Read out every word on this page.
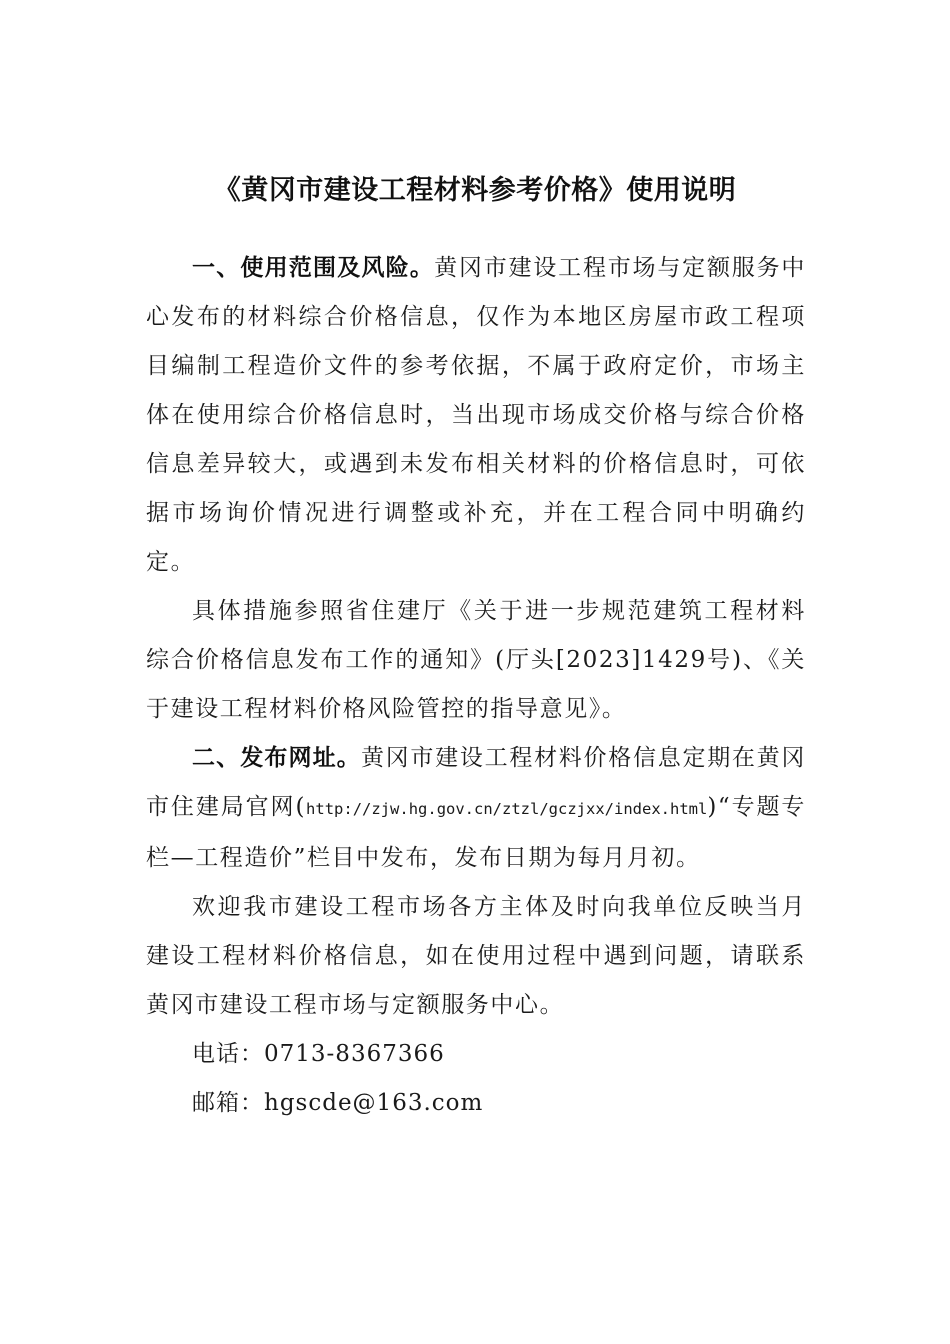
《黄冈市建设工程材料参考价格》使用说明

一、使用范围及风险。黄冈市建设工程市场与定额服务中心发布的材料综合价格信息，仅作为本地区房屋市政工程项目编制工程造价文件的参考依据，不属于政府定价，市场主体在使用综合价格信息时，当出现市场成交价格与综合价格信息差异较大，或遇到未发布相关材料的价格信息时，可依据市场询价情况进行调整或补充，并在工程合同中明确约定。

具体措施参照省住建厅《关于进一步规范建筑工程材料综合价格信息发布工作的通知》(厅头[2023]1429号)、《关于建设工程材料价格风险管控的指导意见》。

二、发布网址。黄冈市建设工程材料价格信息定期在黄冈市住建局官网(http://zjw.hg.gov.cn/ztzl/gczjxx/index.html)“专题专栏—工程造价”栏目中发布，发布日期为每月月初。

欢迎我市建设工程市场各方主体及时向我单位反映当月建设工程材料价格信息，如在使用过程中遇到问题，请联系黄冈市建设工程市场与定额服务中心。

电话：0713-8367366

邮箱：hgscde@163.com
